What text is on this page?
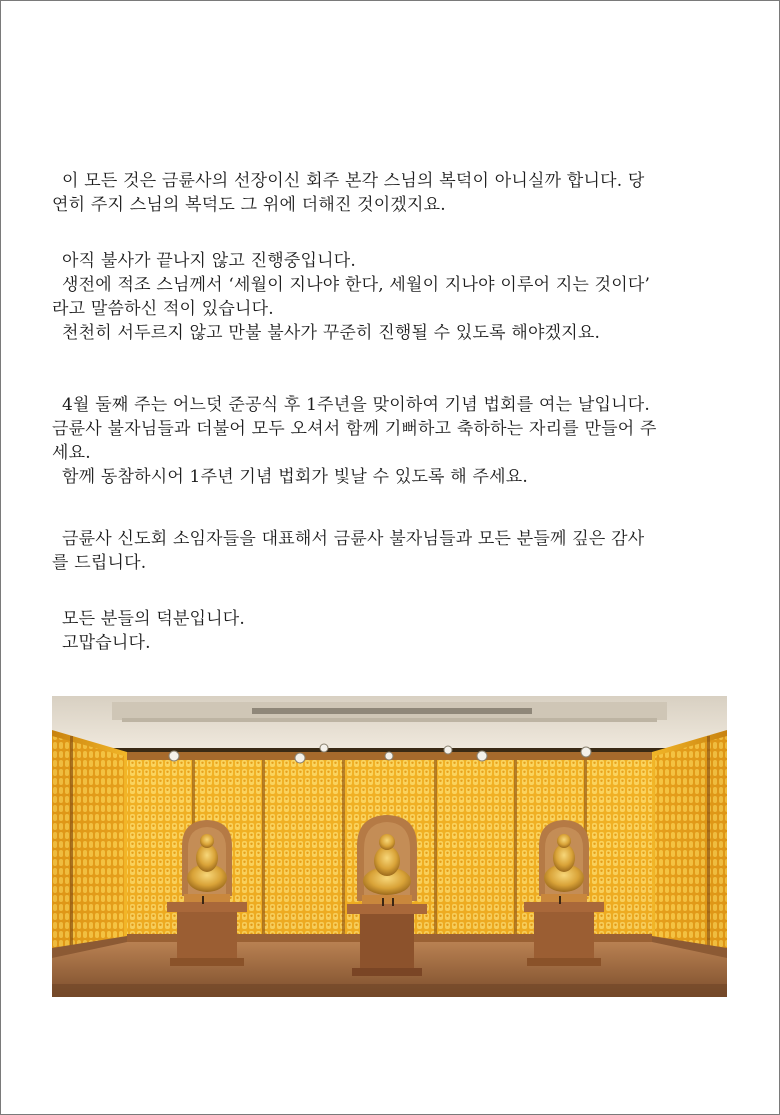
이 모든 것은 금륜사의 선장이신 회주 본각 스님의 복덕이 아니실까 합니다. 당

연히 주지 스님의 복덕도 그 위에 더해진 것이겠지요.

아직 불사가 끝나지 않고 진행중입니다.

생전에 적조 스님께서 ‘세월이 지나야 한다, 세월이 지나야 이루어 지는 것이다’

라고 말씀하신 적이 있습니다.

천천히 서두르지 않고 만불 불사가 꾸준히 진행될 수 있도록 해야겠지요.

4월 둘째 주는 어느덧 준공식 후 1주년을 맞이하여 기념 법회를 여는 날입니다.

금륜사 불자님들과 더불어 모두 오셔서 함께 기뻐하고 축하하는 자리를 만들어 주

세요.

함께 동참하시어 1주년 기념 법회가 빛날 수 있도록 해 주세요.

금륜사 신도회 소임자들을 대표해서 금륜사 불자님들과 모든 분들께 깊은 감사

를 드립니다.

모든 분들의 덕분입니다.

고맙습니다.
